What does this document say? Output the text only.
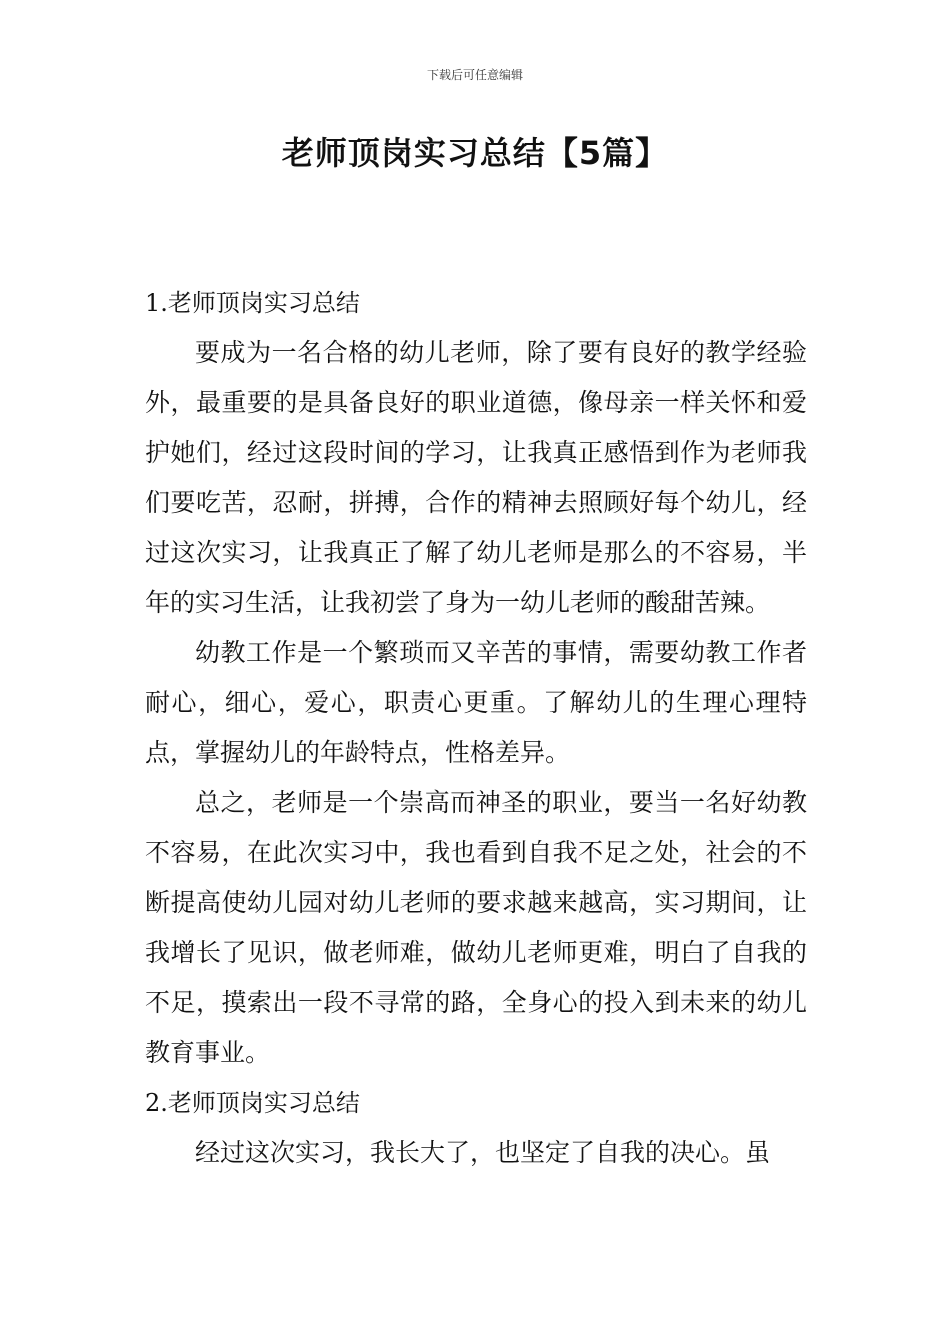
下载后可任意编辑
老师顶岗实习总结【5篇】

1.老师顶岗实习总结

要成为一名合格的幼儿老师，除了要有良好的教学经验外，最重要的是具备良好的职业道德，像母亲一样关怀和爱护她们，经过这段时间的学习，让我真正感悟到作为老师我们要吃苦，忍耐，拼搏，合作的精神去照顾好每个幼儿，经过这次实习，让我真正了解了幼儿老师是那么的不容易，半年的实习生活，让我初尝了身为一幼儿老师的酸甜苦辣。

幼教工作是一个繁琐而又辛苦的事情，需要幼教工作者耐心，细心，爱心，职责心更重。了解幼儿的生理心理特点，掌握幼儿的年龄特点，性格差异。

总之，老师是一个崇高而神圣的职业，要当一名好幼教不容易，在此次实习中，我也看到自我不足之处，社会的不断提高使幼儿园对幼儿老师的要求越来越高，实习期间，让我增长了见识，做老师难，做幼儿老师更难，明白了自我的不足，摸索出一段不寻常的路，全身心的投入到未来的幼儿教育事业。

2.老师顶岗实习总结

经过这次实习，我长大了，也坚定了自我的决心。虽
